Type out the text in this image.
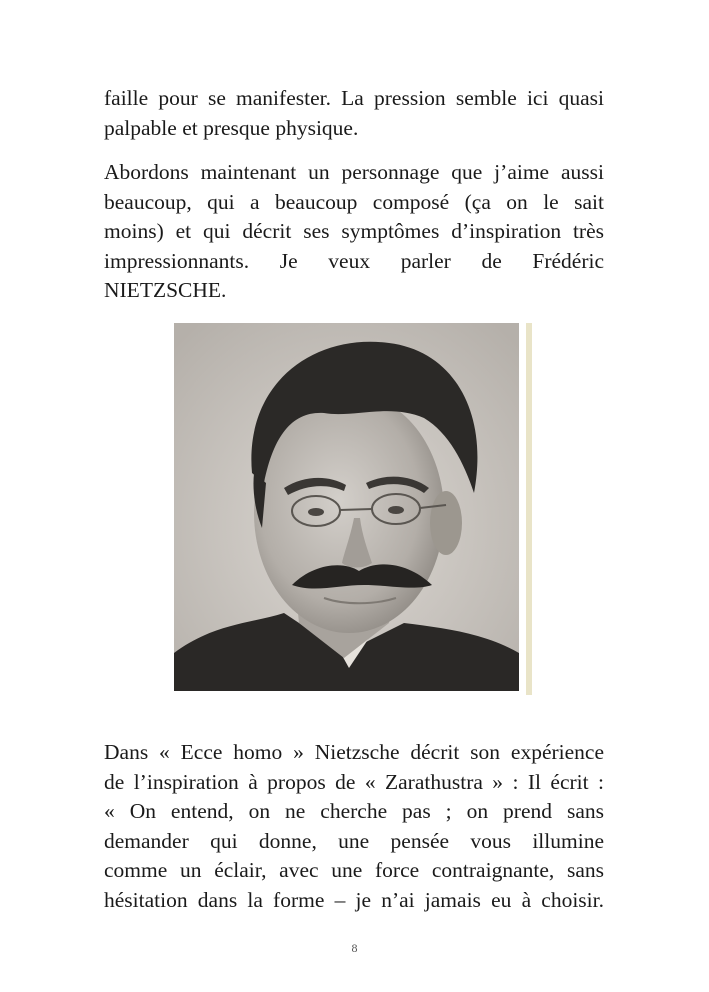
faille pour se manifester. La pression semble ici quasi
palpable et presque physique.
Abordons maintenant un personnage que j’aime aussi
beaucoup, qui a beaucoup composé (ça on le sait
moins) et qui décrit ses symptômes d’inspiration très
impressionnants. Je veux parler de Frédéric
NIETZSCHE.
Dans « Ecce homo » Nietzsche décrit son expérience
de l’inspiration à propos de « Zarathustra » : Il écrit :
« On entend, on ne cherche pas ; on prend sans
demander qui donne, une pensée vous illumine
comme un éclair, avec une force contraignante, sans
hésitation dans la forme – je n’ai jamais eu à choisir.
8
